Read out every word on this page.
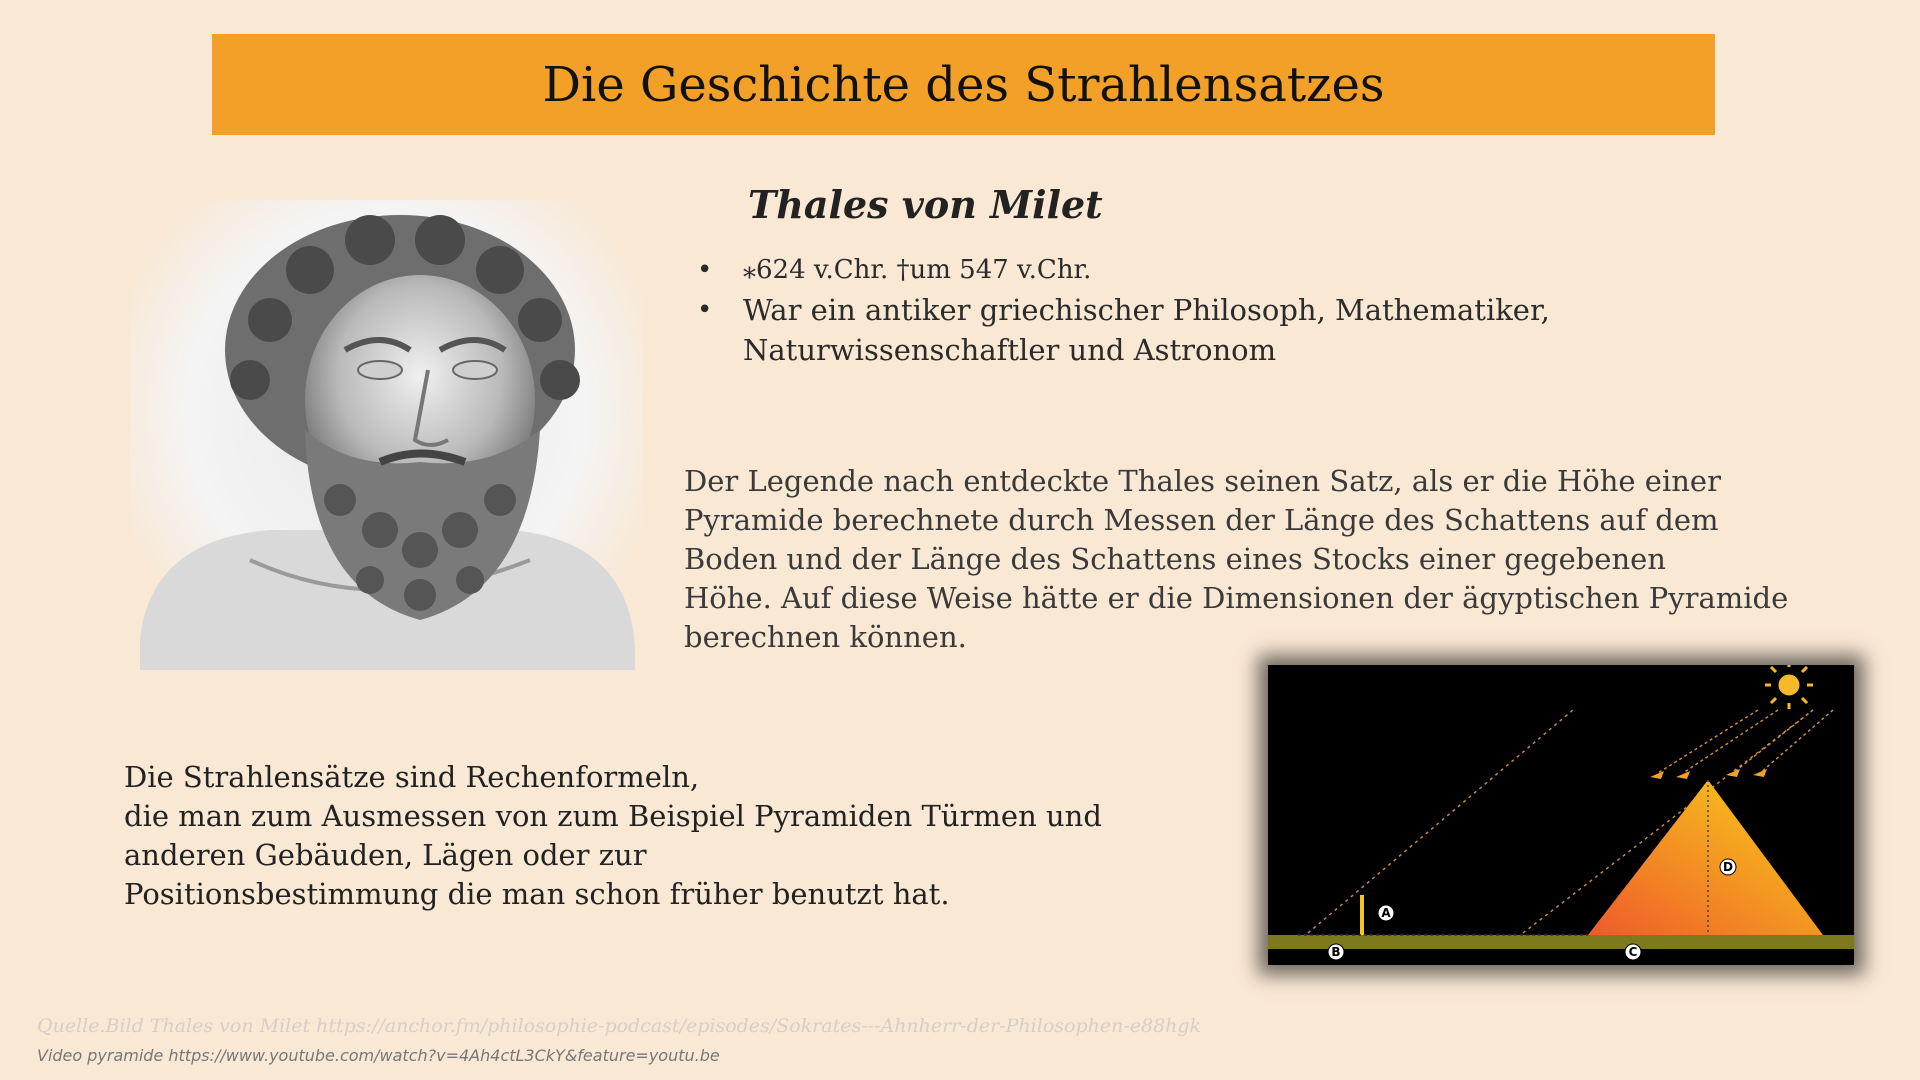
Die Geschichte des Strahlensatzes
Thales von Milet
• ⁎624 v.Chr. †um 547 v.Chr.
• War ein antiker griechischer Philosoph, Mathematiker, Naturwissenschaftler und Astronom

Der Legende nach entdeckte Thales seinen Satz, als er die Höhe einer
Pyramide berechnete durch Messen der Länge des Schattens auf dem
Boden und der Länge des Schattens eines Stocks einer gegebenen
Höhe. Auf diese Weise hätte er die Dimensionen der ägyptischen Pyramide
berechnen können.

Die Strahlensätze sind Rechenformeln,
die man zum Ausmessen von zum Beispiel Pyramiden Türmen und
anderen Gebäuden, Lägen oder zur
Positionsbestimmung die man schon früher benutzt hat.

A
B	C
D
Quelle.Bild Thales von Milet https://anchor.fm/philosophie-podcast/episodes/Sokrates---Ahnherr-der-Philosophen-e88hgk
Video pyramide https://www.youtube.com/watch?v=4Ah4ctL3CkY&feature=youtu.be
